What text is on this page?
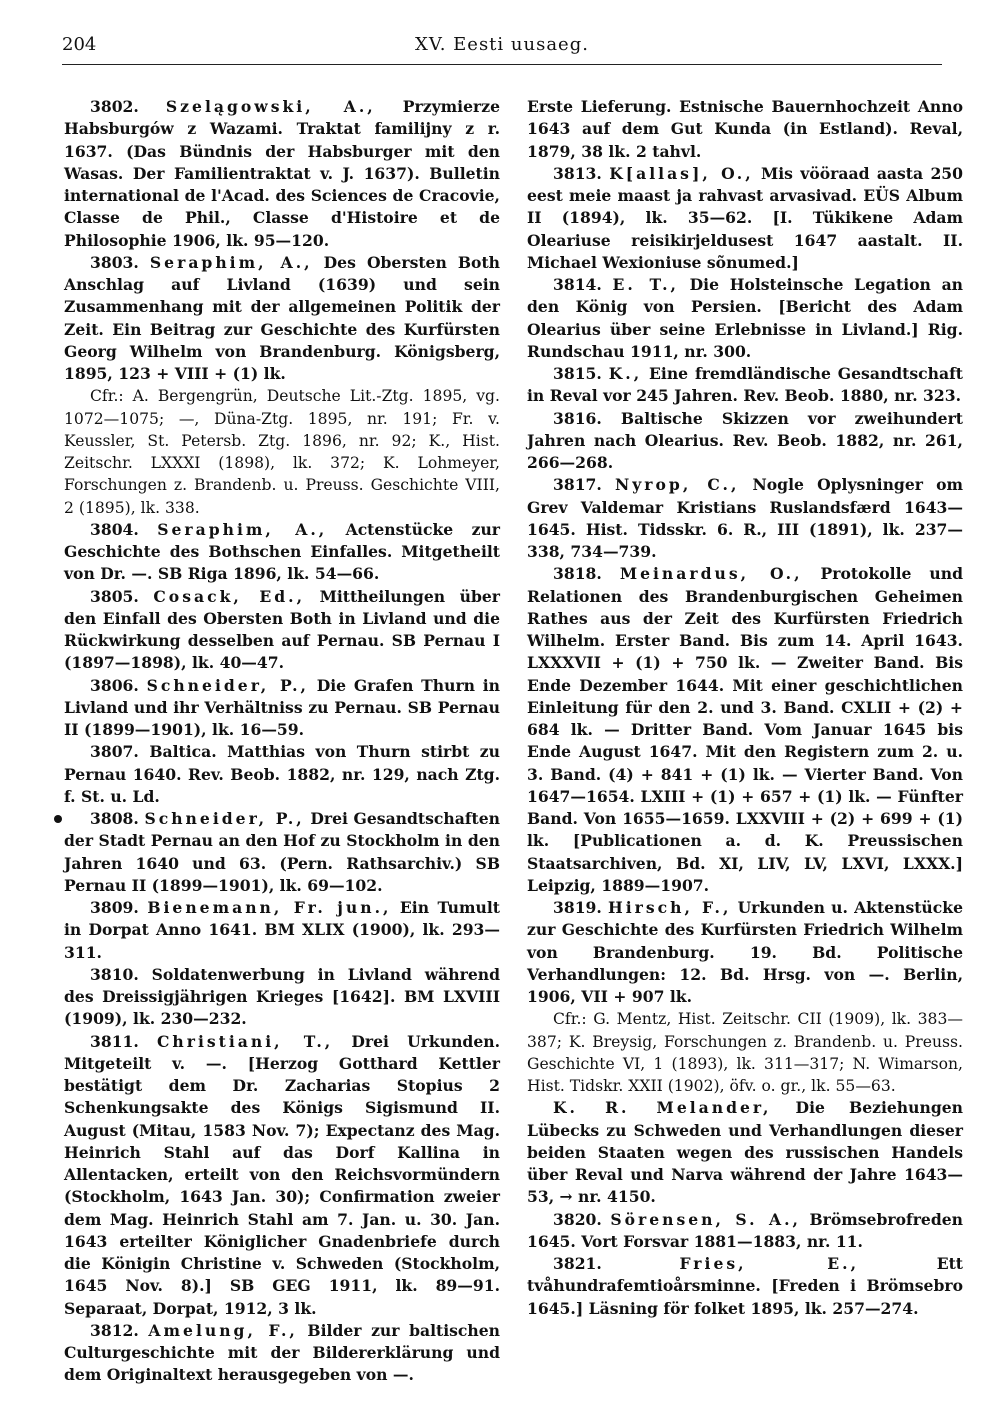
204	XV. Eesti uusaeg.

3802. Szelągowski, A., Przymierze Habsburgów z Wazami. Traktat familijny z r. 1637. (Das Bündnis der Habsburger mit den Wasas. Der Familientraktat v. J. 1637). Bulletin international de l'Acad. des Sciences de Cracovie, Classe de Phil., Classe d'Histoire et de Philosophie 1906, lk. 95—120.

3803. Seraphim, A., Des Obersten Both Anschlag auf Livland (1639) und sein Zusammenhang mit der allgemeinen Politik der Zeit. Ein Beitrag zur Geschichte des Kurfürsten Georg Wilhelm von Brandenburg. Königsberg, 1895, 123 + VIII + (1) lk.

Cfr.: A. Bergengrün, Deutsche Lit.-Ztg. 1895, vg. 1072—1075; —, Düna-Ztg. 1895, nr. 191; Fr. v. Keussler, St. Petersb. Ztg. 1896, nr. 92; K., Hist. Zeitschr. LXXXI (1898), lk. 372; K. Lohmeyer, Forschungen z. Brandenb. u. Preuss. Geschichte VIII, 2 (1895), lk. 338.

3804. Seraphim, A., Actenstücke zur Geschichte des Bothschen Einfalles. Mitgetheilt von Dr. —. SB Riga 1896, lk. 54—66.

3805. Cosack, Ed., Mittheilungen über den Einfall des Obersten Both in Livland und die Rückwirkung desselben auf Pernau. SB Pernau I (1897—1898), lk. 40—47.

3806. Schneider, P., Die Grafen Thurn in Livland und ihr Verhältniss zu Pernau. SB Pernau II (1899—1901), lk. 16—59.

3807. Baltica. Matthias von Thurn stirbt zu Pernau 1640. Rev. Beob. 1882, nr. 129, nach Ztg. f. St. u. Ld.

3808. Schneider, P., Drei Gesandtschaften der Stadt Pernau an den Hof zu Stockholm in den Jahren 1640 und 63. (Pern. Rathsarchiv.) SB Pernau II (1899—1901), lk. 69—102.

3809. Bienemann, Fr. jun., Ein Tumult in Dorpat Anno 1641. BM XLIX (1900), lk. 293—311.

3810. Soldatenwerbung in Livland während des Dreissigjährigen Krieges [1642]. BM LXVIII (1909), lk. 230—232.

3811. Christiani, T., Drei Urkunden. Mitgeteilt v. —. [Herzog Gotthard Kettler bestätigt dem Dr. Zacharias Stopius 2 Schenkungsakte des Königs Sigismund II. August (Mitau, 1583 Nov. 7); Expectanz des Mag. Heinrich Stahl auf das Dorf Kallina in Allentacken, erteilt von den Reichsvormündern (Stockholm, 1643 Jan. 30); Confirmation zweier dem Mag. Heinrich Stahl am 7. Jan. u. 30. Jan. 1643 erteilter Königlicher Gnadenbriefe durch die Königin Christine v. Schweden (Stockholm, 1645 Nov. 8).] SB GEG 1911, lk. 89—91. Separaat, Dorpat, 1912, 3 lk.

3812. Amelung, F., Bilder zur baltischen Culturgeschichte mit der Bildererklärung und dem Originaltext herausgegeben von —.

Erste Lieferung. Estnische Bauernhochzeit Anno 1643 auf dem Gut Kunda (in Estland). Reval, 1879, 38 lk. 2 tahvl.

3813. K[allas], O., Mis vööraad aasta 250 eest meie maast ja rahvast arvasivad. EÜS Album II (1894), lk. 35—62. [I. Tükikene Adam Oleariuse reisikirjeldusest 1647 aastalt. II. Michael Wexioniuse sõnumed.]

3814. E. T., Die Holsteinsche Legation an den König von Persien. [Bericht des Adam Olearius über seine Erlebnisse in Livland.] Rig. Rundschau 1911, nr. 300.

3815. K., Eine fremdländische Gesandtschaft in Reval vor 245 Jahren. Rev. Beob. 1880, nr. 323.

3816. Baltische Skizzen vor zweihundert Jahren nach Olearius. Rev. Beob. 1882, nr. 261, 266—268.

3817. Nyrop, C., Nogle Oplysninger om Grev Valdemar Kristians Ruslandsfærd 1643—1645. Hist. Tidsskr. 6. R., III (1891), lk. 237—338, 734—739.

3818. Meinardus, O., Protokolle und Relationen des Brandenburgischen Geheimen Rathes aus der Zeit des Kurfürsten Friedrich Wilhelm. Erster Band. Bis zum 14. April 1643. LXXXVII + (1) + 750 lk. — Zweiter Band. Bis Ende Dezember 1644. Mit einer geschichtlichen Einleitung für den 2. und 3. Band. CXLII + (2) + 684 lk. — Dritter Band. Vom Januar 1645 bis Ende August 1647. Mit den Registern zum 2. u. 3. Band. (4) + 841 + (1) lk. — Vierter Band. Von 1647—1654. LXIII + (1) + 657 + (1) lk. — Fünfter Band. Von 1655—1659. LXXVIII + (2) + 699 + (1) lk. [Publicationen a. d. K. Preussischen Staatsarchiven, Bd. XI, LIV, LV, LXVI, LXXX.] Leipzig, 1889—1907.

3819. Hirsch, F., Urkunden u. Aktenstücke zur Geschichte des Kurfürsten Friedrich Wilhelm von Brandenburg. 19. Bd. Politische Verhandlungen: 12. Bd. Hrsg. von —. Berlin, 1906, VII + 907 lk.

Cfr.: G. Mentz, Hist. Zeitschr. CII (1909), lk. 383—387; K. Breysig, Forschungen z. Brandenb. u. Preuss. Geschichte VI, 1 (1893), lk. 311—317; N. Wimarson, Hist. Tidskr. XXII (1902), öfv. o. gr., lk. 55—63.

K. R. Melander, Die Beziehungen Lübecks zu Schweden und Verhandlungen dieser beiden Staaten wegen des russischen Handels über Reval und Narva während der Jahre 1643—53, → nr. 4150.

3820. Sörensen, S. A., Brömsebrofreden 1645. Vort Forsvar 1881—1883, nr. 11.

3821. Fries, E.,	Ett tvåhundrafemtioårsminne. [Freden i Brömsebro 1645.] Läsning för folket 1895, lk. 257—274.
